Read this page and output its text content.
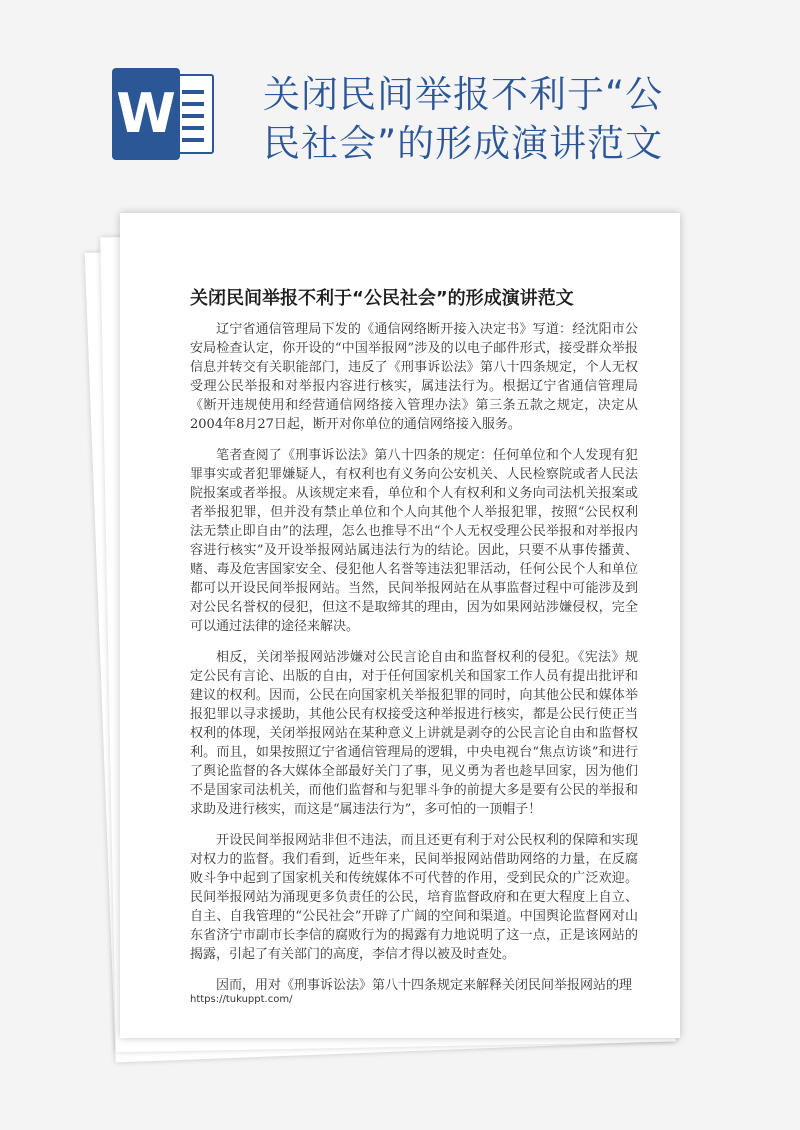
W 关闭民间举报不利于“公民社会”的形成演讲范文
关闭民间举报不利于“公民社会”的形成演讲范文

辽宁省通信管理局下发的《通信网络断开接入决定书》写道：经沈阳市公安局检查认定，你开设的“中国举报网”涉及的以电子邮件形式，接受群众举报信息并转交有关职能部门，违反了《刑事诉讼法》第八十四条规定，个人无权受理公民举报和对举报内容进行核实，属违法行为。根据辽宁省通信管理局《断开违规使用和经营通信网络接入管理办法》第三条五款之规定，决定从2004年8月27日起，断开对你单位的通信网络接入服务。

笔者查阅了《刑事诉讼法》第八十四条的规定：任何单位和个人发现有犯罪事实或者犯罪嫌疑人，有权利也有义务向公安机关、人民检察院或者人民法院报案或者举报。从该规定来看，单位和个人有权利和义务向司法机关报案或者举报犯罪，但并没有禁止单位和个人向其他个人举报犯罪，按照“公民权利法无禁止即自由”的法理，怎么也推导不出“个人无权受理公民举报和对举报内容进行核实”及开设举报网站属违法行为的结论。因此，只要不从事传播黄、赌、毒及危害国家安全、侵犯他人名誉等违法犯罪活动，任何公民个人和单位都可以开设民间举报网站。当然，民间举报网站在从事监督过程中可能涉及到对公民名誉权的侵犯，但这不是取缔其的理由，因为如果网站涉嫌侵权，完全可以通过法律的途径来解决。

相反，关闭举报网站涉嫌对公民言论自由和监督权利的侵犯。《宪法》规定公民有言论、出版的自由，对于任何国家机关和国家工作人员有提出批评和建议的权利。因而，公民在向国家机关举报犯罪的同时，向其他公民和媒体举报犯罪以寻求援助，其他公民有权接受这种举报进行核实，都是公民行使正当权利的体现，关闭举报网站在某种意义上讲就是剥夺的公民言论自由和监督权利。而且，如果按照辽宁省通信管理局的逻辑，中央电视台“焦点访谈”和进行了舆论监督的各大媒体全部最好关门了事，见义勇为者也趁早回家，因为他们不是国家司法机关，而他们监督和与犯罪斗争的前提大多是要有公民的举报和求助及进行核实，而这是“属违法行为”，多可怕的一顶帽子！

开设民间举报网站非但不违法，而且还更有利于对公民权利的保障和实现对权力的监督。我们看到，近些年来，民间举报网站借助网络的力量，在反腐败斗争中起到了国家机关和传统媒体不可代替的作用，受到民众的广泛欢迎。民间举报网站为涌现更多负责任的公民，培育监督政府和在更大程度上自立、自主、自我管理的“公民社会”开辟了广阔的空间和渠道。中国舆论监督网对山东省济宁市副市长李信的腐败行为的揭露有力地说明了这一点，正是该网站的揭露，引起了有关部门的高度，李信才得以被及时查处。

因而，用对《刑事诉讼法》第八十四条规定来解释关闭民间举报网站的理

https://tukuppt.com/
